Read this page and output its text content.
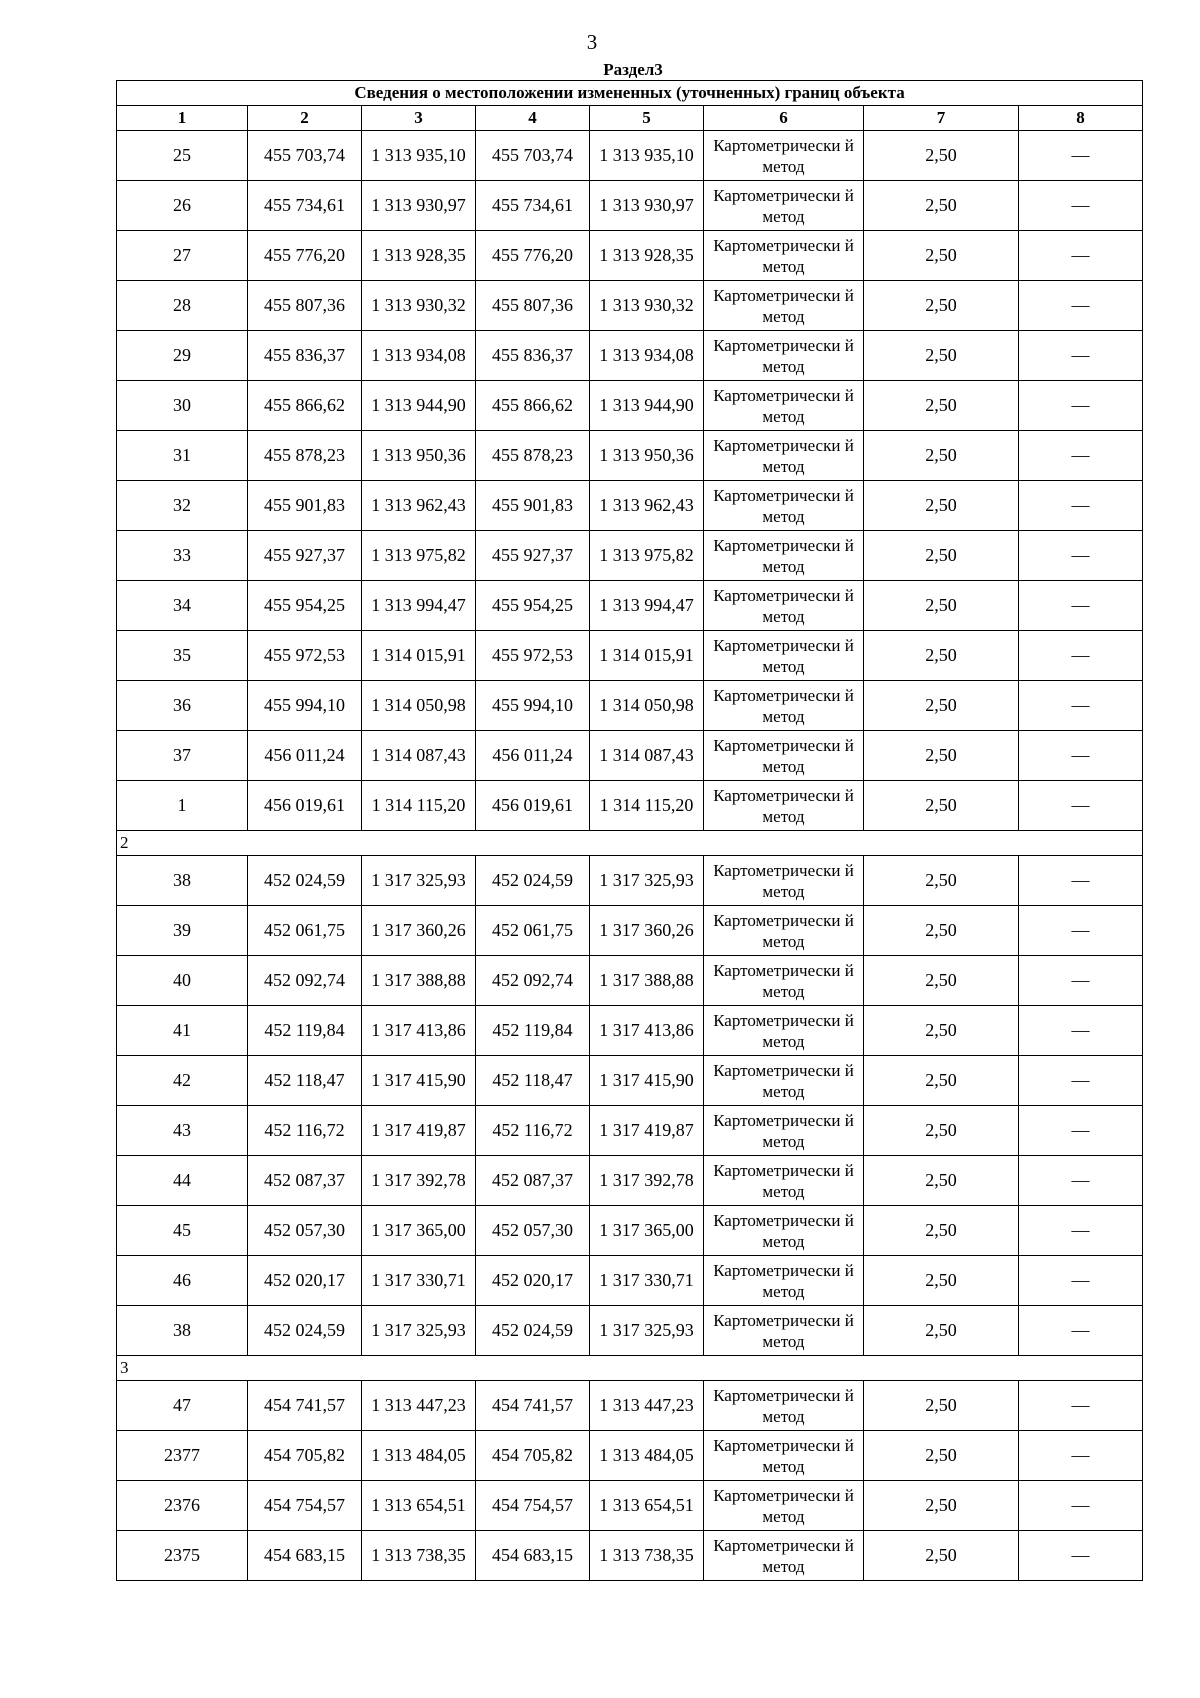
3
Раздел3
Сведения о местоположении измененных (уточненных) границ объекта							
1	2	3	4	5	6	7	8
25	455 703,74	1 313 935,10	455 703,74	1 313 935,10	Картометрически й метод	2,50	—
26	455 734,61	1 313 930,97	455 734,61	1 313 930,97	Картометрически й метод	2,50	—
27	455 776,20	1 313 928,35	455 776,20	1 313 928,35	Картометрически й метод	2,50	—
28	455 807,36	1 313 930,32	455 807,36	1 313 930,32	Картометрически й метод	2,50	—
29	455 836,37	1 313 934,08	455 836,37	1 313 934,08	Картометрически й метод	2,50	—
30	455 866,62	1 313 944,90	455 866,62	1 313 944,90	Картометрически й метод	2,50	—
31	455 878,23	1 313 950,36	455 878,23	1 313 950,36	Картометрически й метод	2,50	—
32	455 901,83	1 313 962,43	455 901,83	1 313 962,43	Картометрически й метод	2,50	—
33	455 927,37	1 313 975,82	455 927,37	1 313 975,82	Картометрически й метод	2,50	—
34	455 954,25	1 313 994,47	455 954,25	1 313 994,47	Картометрически й метод	2,50	—
35	455 972,53	1 314 015,91	455 972,53	1 314 015,91	Картометрически й метод	2,50	—
36	455 994,10	1 314 050,98	455 994,10	1 314 050,98	Картометрически й метод	2,50	—
37	456 011,24	1 314 087,43	456 011,24	1 314 087,43	Картометрически й метод	2,50	—
1	456 019,61	1 314 115,20	456 019,61	1 314 115,20	Картометрически й метод	2,50	—
2							
38	452 024,59	1 317 325,93	452 024,59	1 317 325,93	Картометрически й метод	2,50	—
39	452 061,75	1 317 360,26	452 061,75	1 317 360,26	Картометрически й метод	2,50	—
40	452 092,74	1 317 388,88	452 092,74	1 317 388,88	Картометрически й метод	2,50	—
41	452 119,84	1 317 413,86	452 119,84	1 317 413,86	Картометрически й метод	2,50	—
42	452 118,47	1 317 415,90	452 118,47	1 317 415,90	Картометрически й метод	2,50	—
43	452 116,72	1 317 419,87	452 116,72	1 317 419,87	Картометрически й метод	2,50	—
44	452 087,37	1 317 392,78	452 087,37	1 317 392,78	Картометрически й метод	2,50	—
45	452 057,30	1 317 365,00	452 057,30	1 317 365,00	Картометрически й метод	2,50	—
46	452 020,17	1 317 330,71	452 020,17	1 317 330,71	Картометрически й метод	2,50	—
38	452 024,59	1 317 325,93	452 024,59	1 317 325,93	Картометрически й метод	2,50	—
3							
47	454 741,57	1 313 447,23	454 741,57	1 313 447,23	Картометрически й метод	2,50	—
2377	454 705,82	1 313 484,05	454 705,82	1 313 484,05	Картометрически й метод	2,50	—
2376	454 754,57	1 313 654,51	454 754,57	1 313 654,51	Картометрически й метод	2,50	—
2375	454 683,15	1 313 738,35	454 683,15	1 313 738,35	Картометрически й метод	2,50	—
